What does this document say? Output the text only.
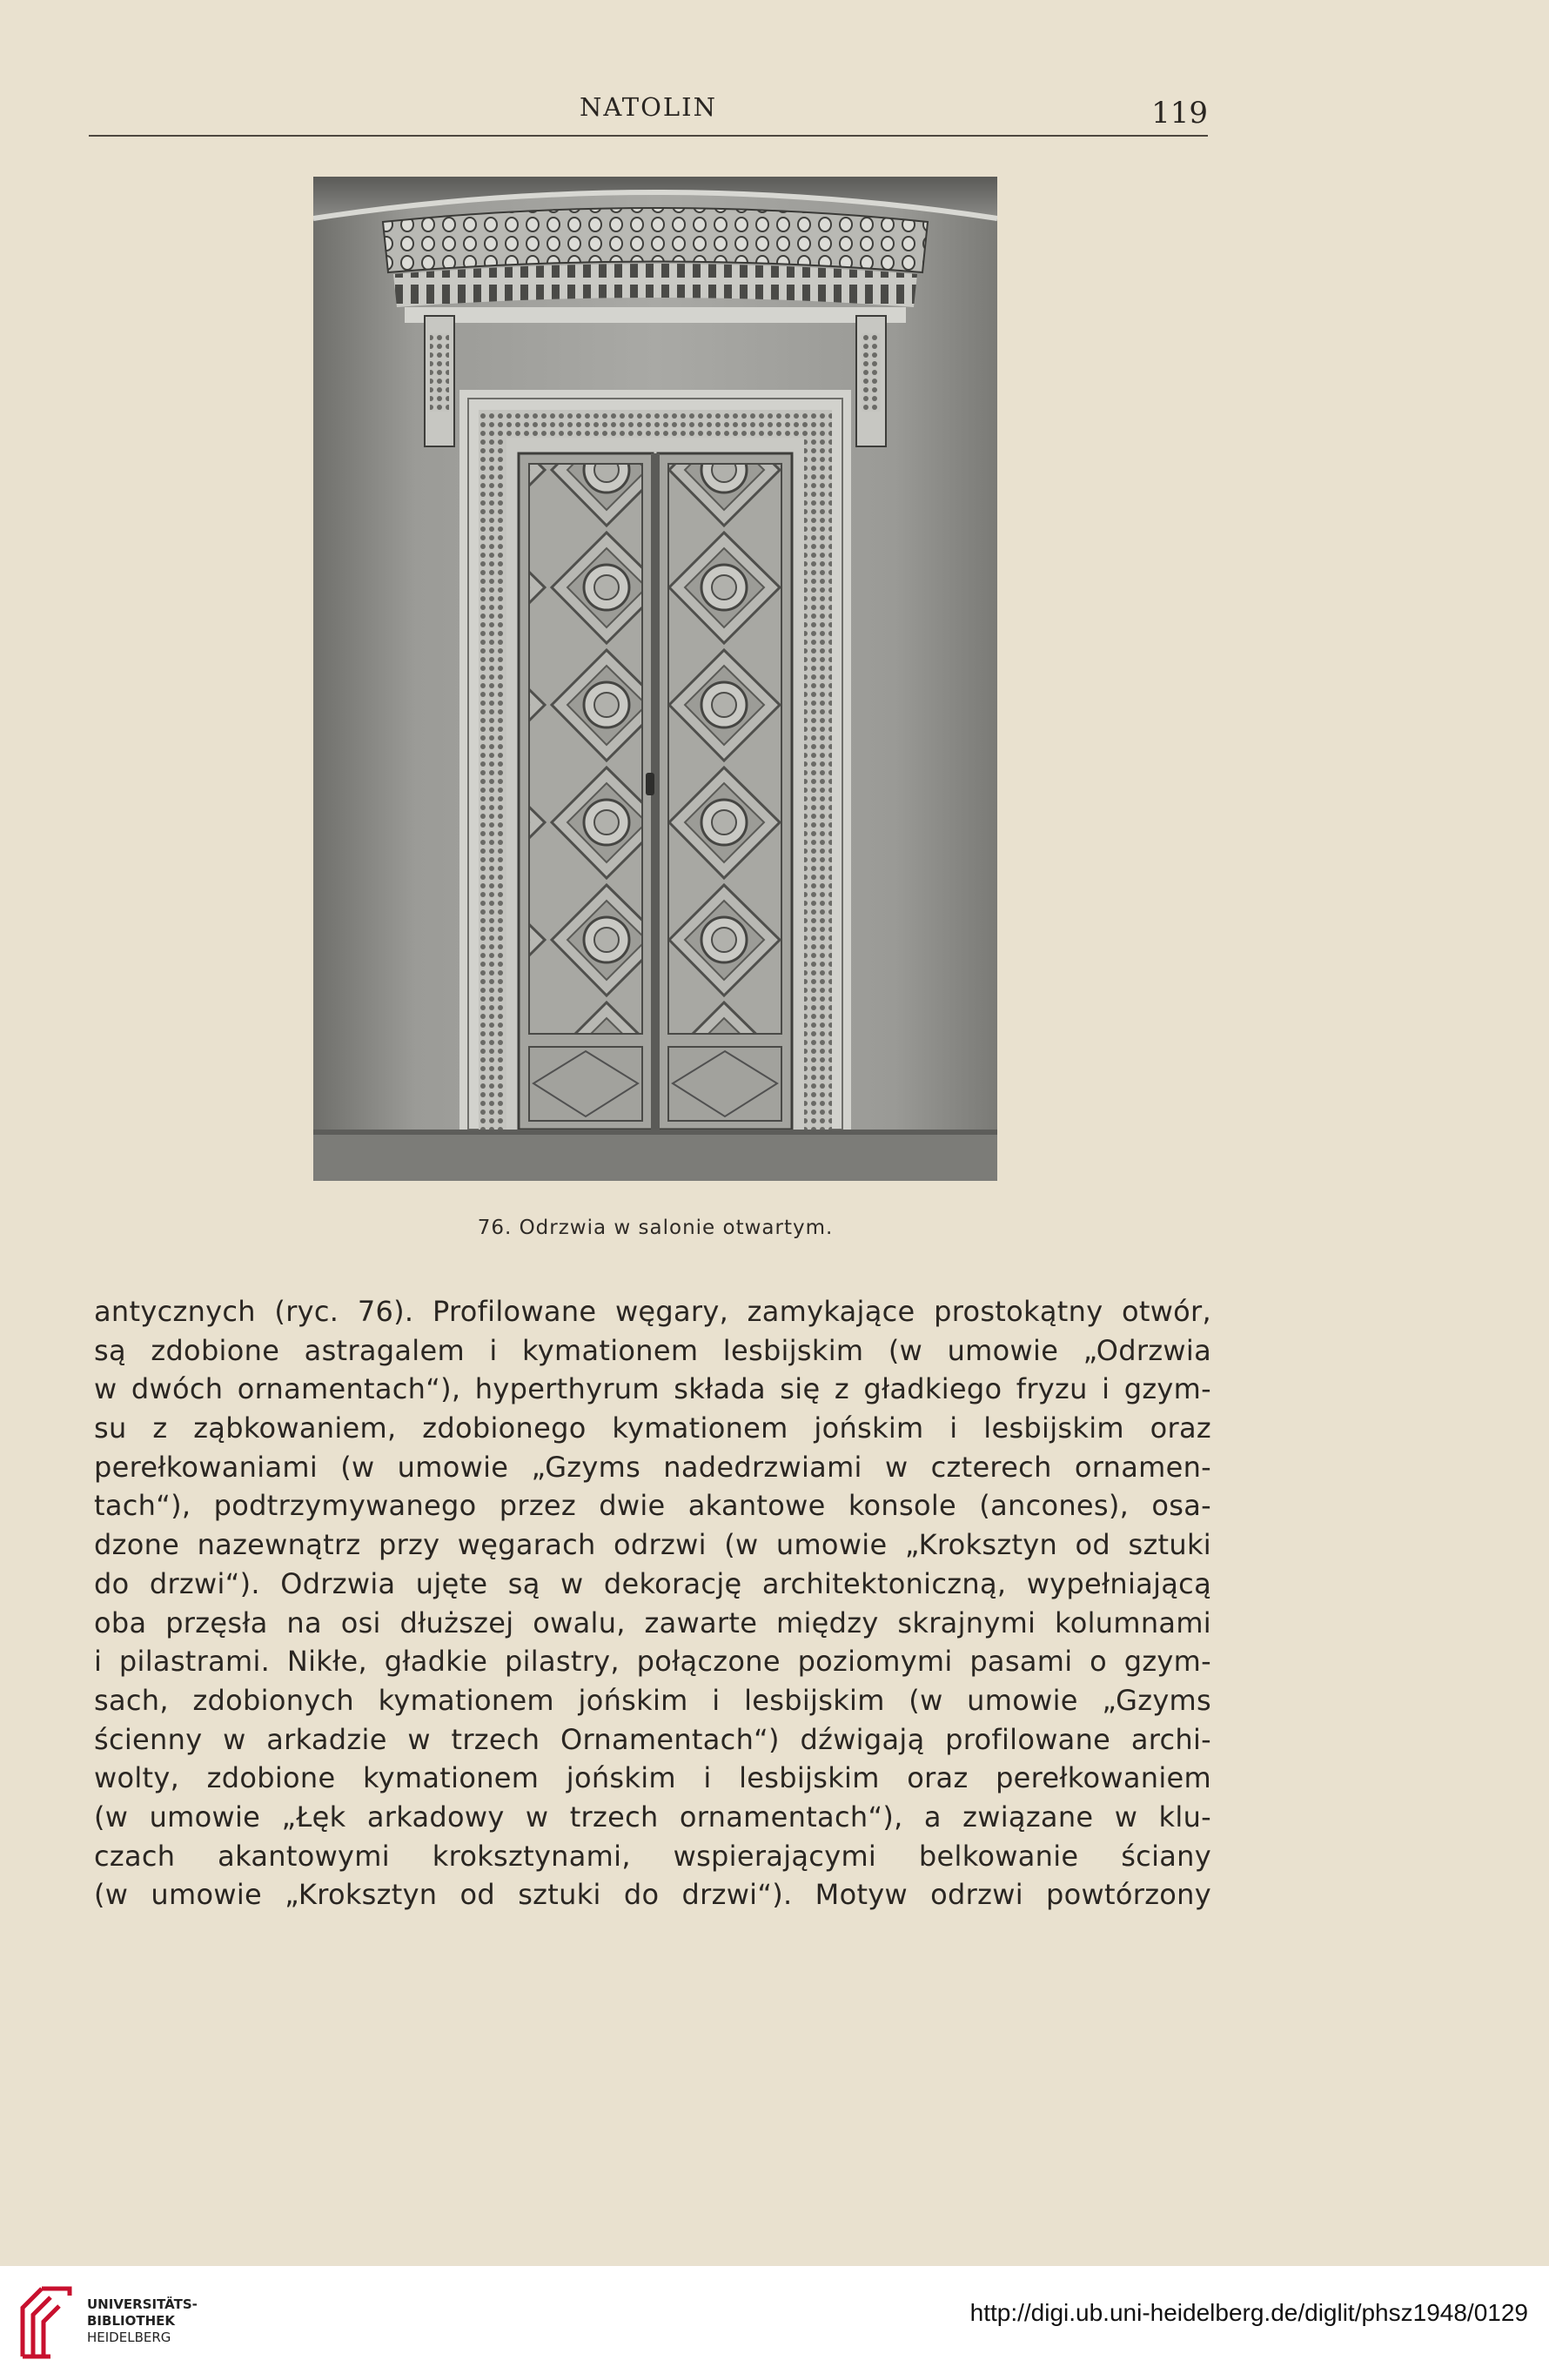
NATOLIN	119
76. Odrzwia w salonie otwartym.
antycznych (ryc. 76). Profilowane węgary, zamykające prostokątny otwór,
są zdobione astragalem i kymationem lesbijskim (w umowie „Odrzwia
w dwóch ornamentach“), hyperthyrum składa się z gładkiego fryzu i gzym-
su z ząbkowaniem, zdobionego kymationem jońskim i lesbijskim oraz
perełkowaniami (w umowie „Gzyms nadedrzwiami w czterech ornamen-
tach“), podtrzymywanego przez dwie akantowe konsole (ancones), osa-
dzone nazewnątrz przy węgarach odrzwi (w umowie „Kroksztyn od sztuki
do drzwi“). Odrzwia ujęte są w dekorację architektoniczną, wypełniającą
oba przęsła na osi dłuższej owalu, zawarte między skrajnymi kolumnami
i pilastrami. Nikłe, gładkie pilastry, połączone poziomymi pasami o gzym-
sach, zdobionych kymationem jońskim i lesbijskim (w umowie „Gzyms
ścienny w arkadzie w trzech Ornamentach“) dźwigają profilowane archi-
wolty, zdobione kymationem jońskim i lesbijskim oraz perełkowaniem
(w umowie „Łęk arkadowy w trzech ornamentach“), a związane w klu-
czach akantowymi kroksztynami, wspierającymi belkowanie ściany
(w umowie „Kroksztyn od sztuki do drzwi“). Motyw odrzwi powtórzony
UNIVERSITÄTS-
BIBLIOTHEK
HEIDELBERG
http://digi.ub.uni-heidelberg.de/diglit/phsz1948/0129
